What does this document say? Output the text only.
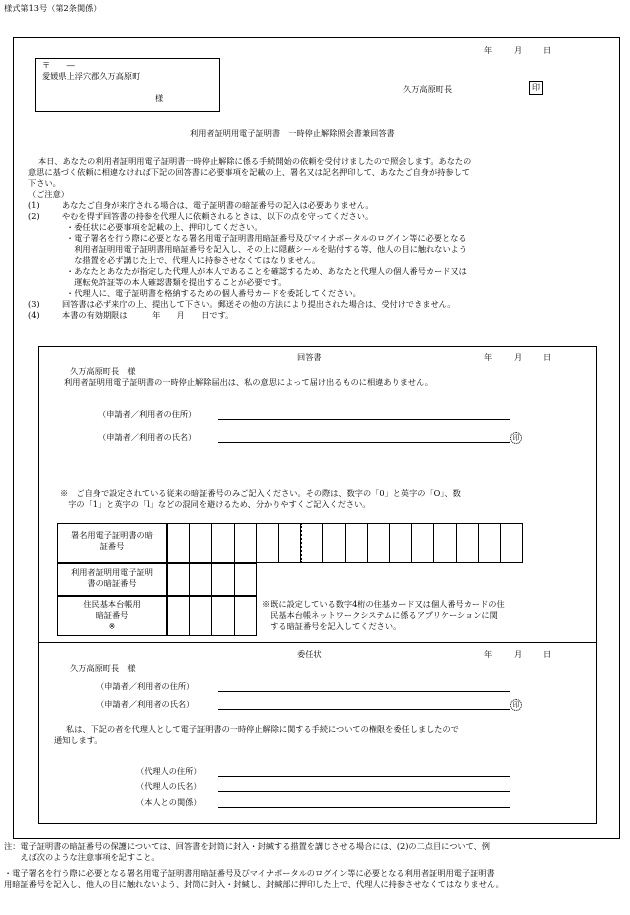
様式第13号（第2条関係）
年	月	日
〒　　―
愛媛県上浮穴郡久万高原町
様
久万高原町長	印
利用者証明用電子証明書　一時停止解除照会書兼回答書
本日、あなたの利用者証明用電子証明書一時停止解除に係る手続開始の依頼を受付けましたので照会します。あなたの
意思に基づく依頼に相違なければ下記の回答書に必要事項を記載の上、署名又は記名押印して、あなたご自身が持参して
下さい。
（ご注意）
(1)	あなたご自身が来庁される場合は、電子証明書の暗証番号の記入は必要ありません。
(2)	やむを得ず回答書の持参を代理人に依頼されるときは、以下の点を守ってください。
・委任状に必要事項を記載の上、押印してください。
・電子署名を行う際に必要となる署名用電子証明書用暗証番号及びマイナポータルのログイン等に必要となる
　利用者証明用電子証明書用暗証番号を記入し、その上に隠蔽シールを貼付する等、他人の目に触れないよう
　な措置を必ず講じた上で、代理人に持参させなくてはなりません。
・あなたとあなたが指定した代理人が本人であることを確認するため、あなたと代理人の個人番号カード又は
　運転免許証等の本人確認書類を提出することが必要です。
・代理人に、電子証明書を格納するための個人番号カードを委託してください。
(3)	回答書は必ず来庁の上、提出して下さい。郵送その他の方法により提出された場合は、受付けできません。
(4)	本書の有効期限は　　　年　　月　　日です。
回答書	年	月	日
久万高原町長　様
利用者証明用電子証明書の一時停止解除届出は、私の意思によって届け出るものに相違ありません。
（申請者／利用者の住所）
（申請者／利用者の氏名）	印
※　ご自身で設定されている従来の暗証番号のみご記入ください。その際は、数字の「0」と英字の「O」、数
　字の「1」と英字の「l」などの混同を避けるため、分かりやすくご記入ください。
署名用電子証明書の暗
証番号
利用者証明用電子証明
書の暗証番号
住民基本台帳用
暗証番号
※
※既に設定している数字4桁の住基カード又は個人番号カードの住
　民基本台帳ネットワークシステムに係るアプリケーションに関
　する暗証番号を記入してください。
委任状	年	月	日
久万高原町長　様
（申請者／利用者の住所）
（申請者／利用者の氏名）	印
私は、下記の者を代理人として電子証明書の一時停止解除に関する手続についての権限を委任しましたので
通知します。
（代理人の住所）
（代理人の氏名）
（本人との関係）
注：電子証明書の暗証番号の保護については、回答書を封筒に封入・封緘する措置を講じさせる場合には、(2)の二点目について、例
　　えば次のような注意事項を記すこと。
・電子署名を行う際に必要となる署名用電子証明書用暗証番号及びマイナポータルのログイン等に必要となる利用者証明用電子証明書
用暗証番号を記入し、他人の目に触れないよう、封筒に封入・封緘し、封緘部に押印した上で、代理人に持参させなくてはなりません。
